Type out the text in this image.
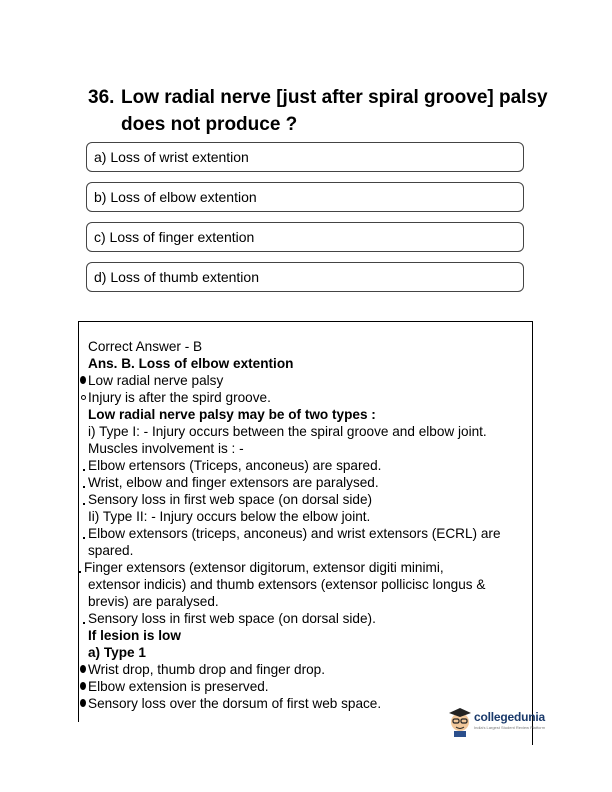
36. Low radial nerve [just after spiral groove] palsy does not produce ?
a) Loss of wrist extention
b) Loss of elbow extention
c) Loss of finger extention
d) Loss of thumb extention
Correct Answer - B
Ans. B. Loss of elbow extention
Low radial nerve palsy
Injury is after the spird groove.
Low radial nerve palsy may be of two types :
i) Type I: - Injury occurs between the spiral groove and elbow joint.
Muscles involvement is : -
Elbow ertensors (Triceps, anconeus) are spared.
Wrist, elbow and finger extensors are paralysed.
Sensory loss in first web space (on dorsal side)
Ii) Type II: - Injury occurs below the elbow joint.
Elbow extensors (triceps, anconeus) and wrist extensors (ECRL) are
spared.
Finger extensors (extensor digitorum, extensor digiti minimi,
extensor indicis) and thumb extensors (extensor pollicisc longus &
brevis) are paralysed.
Sensory loss in first web space (on dorsal side).
If lesion is low
a) Type 1
Wrist drop, thumb drop and finger drop.
Elbow extension is preserved.
Sensory loss over the dorsum of first web space.
collegedunia
India's Largest Student Review Platform
